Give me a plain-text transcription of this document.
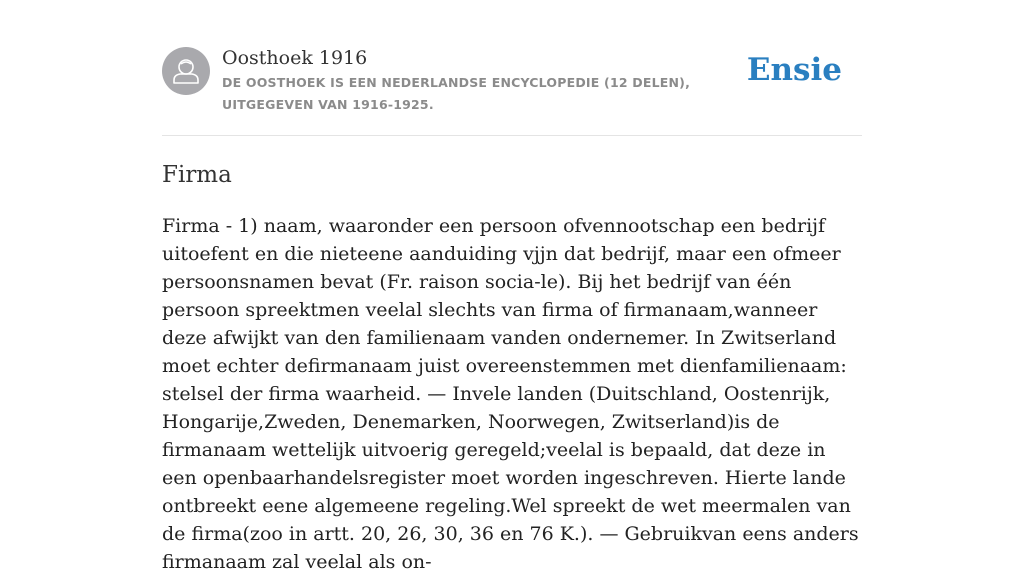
Oosthoek 1916
DE OOSTHOEK IS EEN NEDERLANDSE ENCYCLOPEDIE (12 DELEN), UITGEGEVEN VAN 1916-1925.
Ensie
Firma

Firma - 1) naam, waaronder een persoon ofvennootschap een bedrijf uitoefent en die nieteene aanduiding vjjn dat bedrijf, maar een ofmeer persoonsnamen bevat (Fr. raison socia-le). Bij het bedrijf van één persoon spreektmen veelal slechts van firma of firmanaam,wanneer deze afwijkt van den familienaam vanden ondernemer. In Zwitserland moet echter defirmanaam juist overeenstemmen met dienfamilienaam: stelsel der firma waarheid. — Invele landen (Duitschland, Oostenrijk, Hongarije,Zweden, Denemarken, Noorwegen, Zwitserland)is de firmanaam wettelijk uitvoerig geregeld;veelal is bepaald, dat deze in een openbaarhandelsregister moet worden ingeschreven. Hierte lande ontbreekt eene algemeene regeling.Wel spreekt de wet meermalen van de firma(zoo in artt. 20, 26, 30, 36 en 76 K.). — Gebruikvan eens anders firmanaam zal veelal als on-
